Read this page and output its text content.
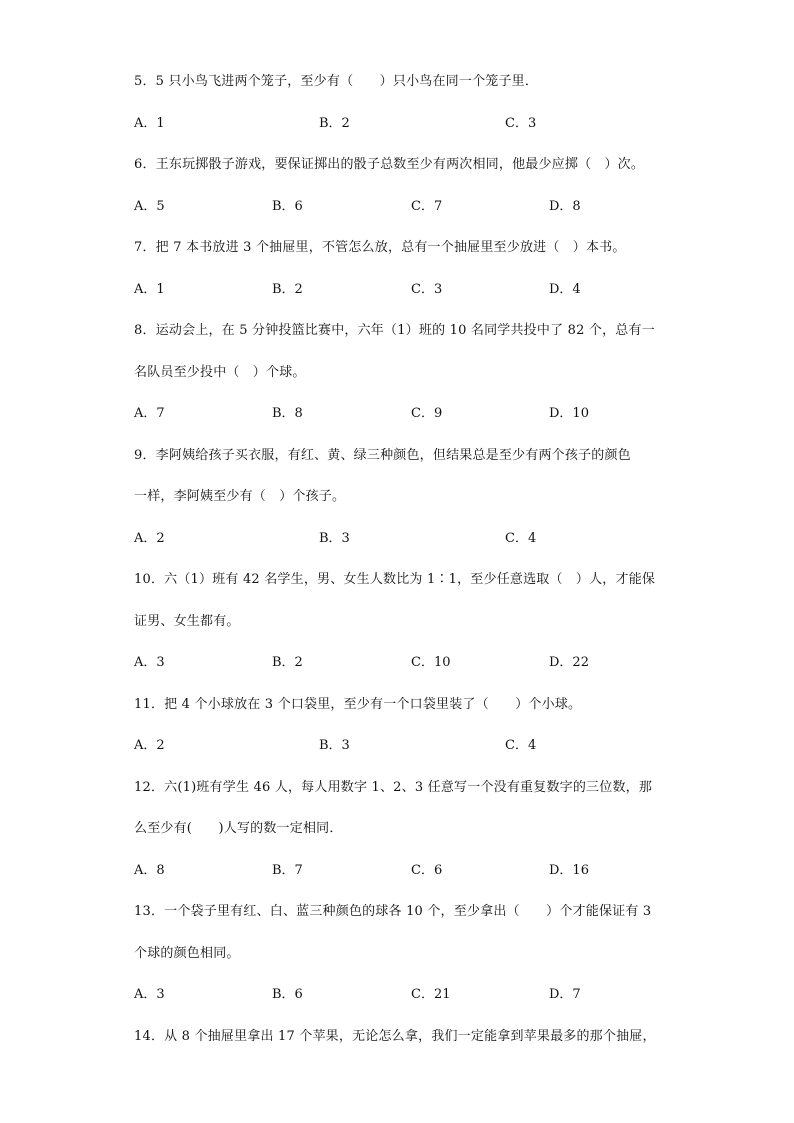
5．5 只小鸟飞进两个笼子，至少有（　　）只小鸟在同一个笼子里．
A．1	B．2	C．3
6．王东玩掷骰子游戏，要保证掷出的骰子总数至少有两次相同，他最少应掷（　）次。
A．5	B．6	C．7	D．8
7．把 7 本书放进 3 个抽屉里，不管怎么放，总有一个抽屉里至少放进（　）本书。
A．1	B．2	C．3	D．4
8．运动会上，在 5 分钟投篮比赛中，六年（1）班的 10 名同学共投中了 82 个，总有一
名队员至少投中（　）个球。
A．7	B．8	C．9	D．10
9．李阿姨给孩子买衣服，有红、黄、绿三种颜色，但结果总是至少有两个孩子的颜色
一样，李阿姨至少有（　）个孩子。
A．2	B．3	C．4
10．六（1）班有 42 名学生，男、女生人数比为 1∶1，至少任意选取（　）人，才能保
证男、女生都有。
A．3	B．2	C．10	D．22
11．把 4 个小球放在 3 个口袋里，至少有一个口袋里装了（　　）个小球。
A．2	B．3	C．4
12．六(1)班有学生 46 人，每人用数字 1、2、3 任意写一个没有重复数字的三位数，那
么至少有(　　)人写的数一定相同．
A．8	B．7	C．6	D．16
13．一个袋子里有红、白、蓝三种颜色的球各 10 个，至少拿出（　　）个才能保证有 3
个球的颜色相同。
A．3	B．6	C．21	D．7
14．从 8 个抽屉里拿出 17 个苹果，无论怎么拿，我们一定能拿到苹果最多的那个抽屉，
